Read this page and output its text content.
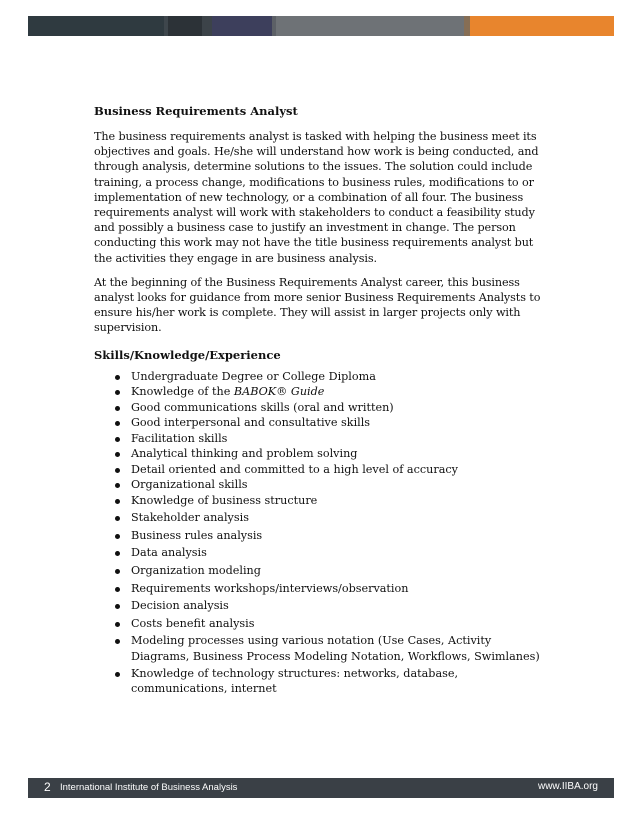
Business Requirements Analyst
The business requirements analyst is tasked with helping the business meet its objectives and goals. He/she will understand how work is being conducted, and through analysis, determine solutions to the issues. The solution could include training, a process change, modifications to business rules, modifications to or implementation of new technology, or a combination of all four. The business requirements analyst will work with stakeholders to conduct a feasibility study and possibly a business case to justify an investment in change. The person conducting this work may not have the title business requirements analyst but the activities they engage in are business analysis.
At the beginning of the Business Requirements Analyst career, this business analyst looks for guidance from more senior Business Requirements Analysts to ensure his/her work is complete. They will assist in larger projects only with supervision.
Skills/Knowledge/Experience
Undergraduate Degree or College Diploma
Knowledge of the BABOK® Guide
Good communications skills (oral and written)
Good interpersonal and consultative skills
Facilitation skills
Analytical thinking and problem solving
Detail oriented and committed to a high level of accuracy
Organizational skills
Knowledge of business structure
Stakeholder analysis
Business rules analysis
Data analysis
Organization modeling
Requirements workshops/interviews/observation
Decision analysis
Costs benefit analysis
Modeling processes using various notation (Use Cases, Activity Diagrams, Business Process Modeling Notation, Workflows, Swimlanes)
Knowledge of technology structures: networks, database, communications, internet
2 International Institute of Business Analysis	www.IIBA.org
